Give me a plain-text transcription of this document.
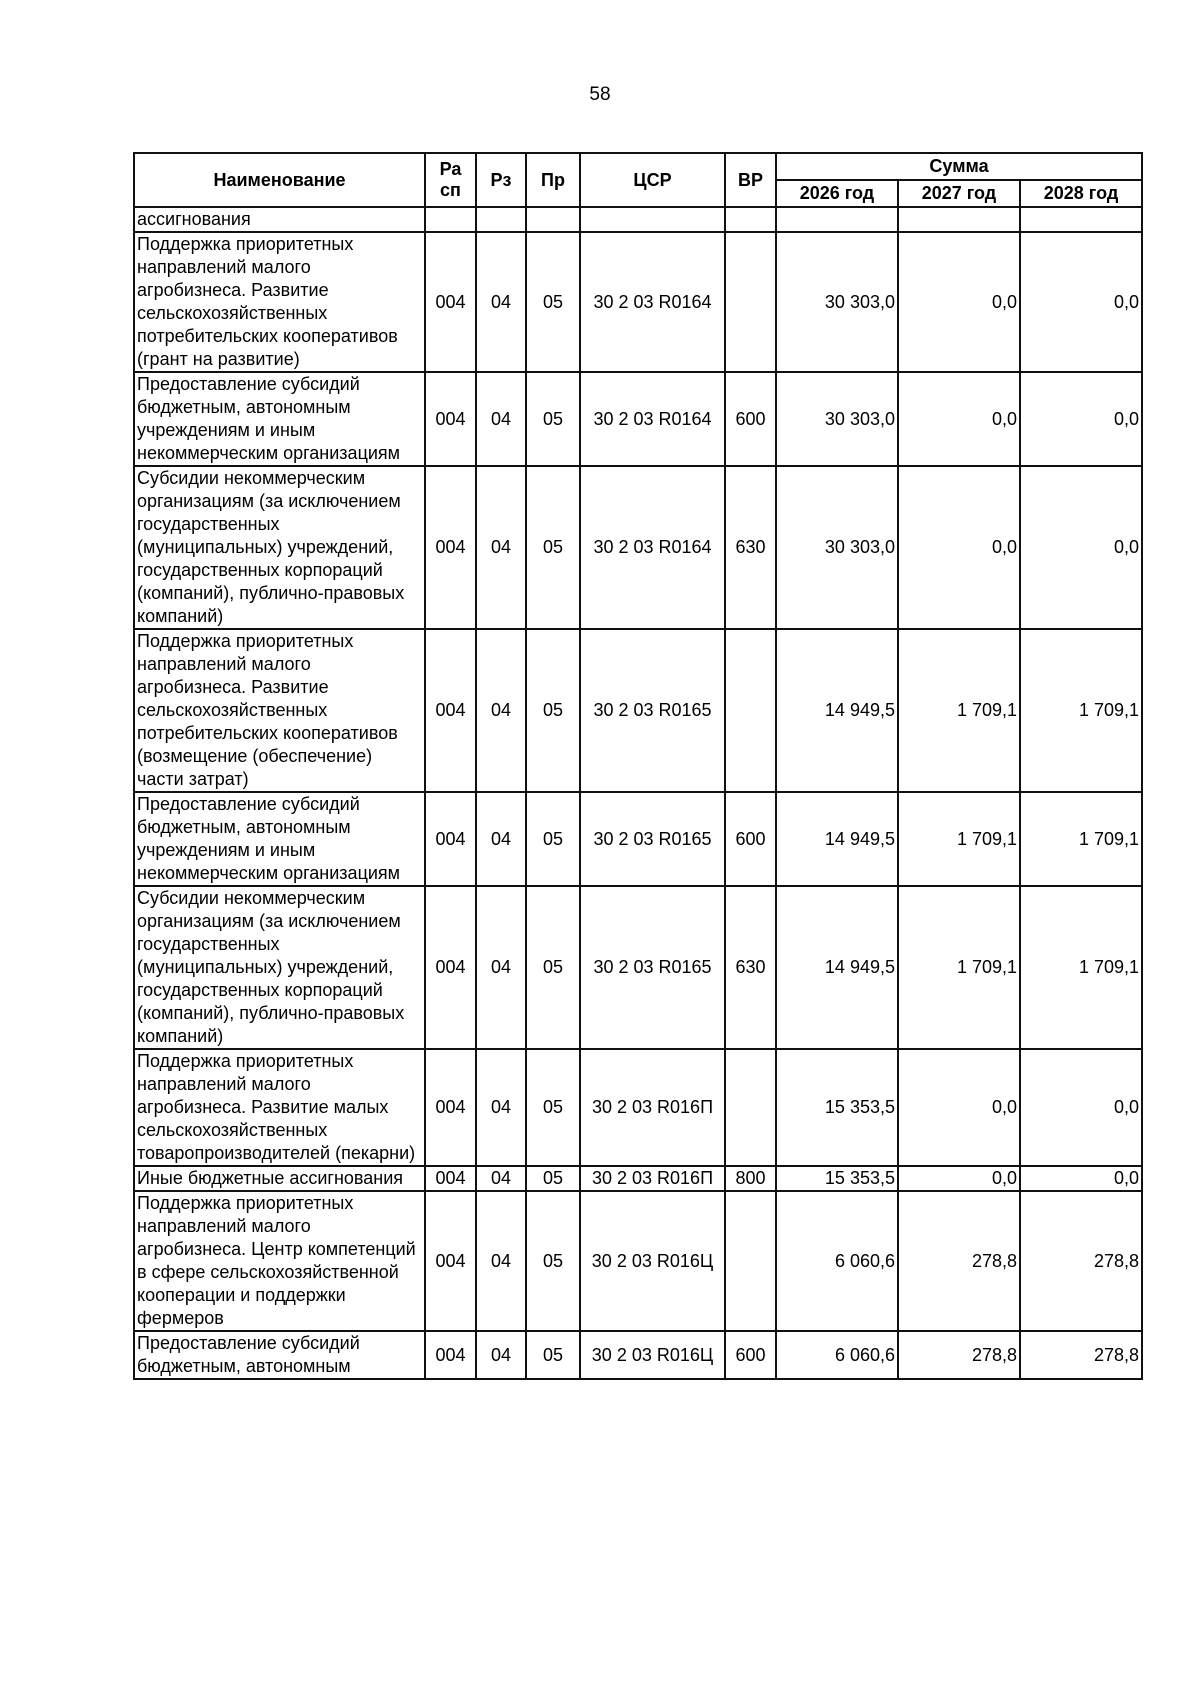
58
Наименование	Ра сп	Рз	Пр	ЦСР	ВР	Сумма		
						2026 год	2027 год	2028 год
ассигнования								
Поддержка приоритетных направлений малого агробизнеса. Развитие сельскохозяйственных потребительских кооперативов (грант на развитие)	004	04	05	30 2 03 R0164		30 303,0	0,0	0,0
Предоставление субсидий бюджетным, автономным учреждениям и иным некоммерческим организациям	004	04	05	30 2 03 R0164	600	30 303,0	0,0	0,0
Субсидии некоммерческим организациям (за исключением государственных (муниципальных) учреждений, государственных корпораций (компаний), публично-правовых компаний)	004	04	05	30 2 03 R0164	630	30 303,0	0,0	0,0
Поддержка приоритетных направлений малого агробизнеса. Развитие сельскохозяйственных потребительских кооперативов (возмещение (обеспечение) части затрат)	004	04	05	30 2 03 R0165		14 949,5	1 709,1	1 709,1
Предоставление субсидий бюджетным, автономным учреждениям и иным некоммерческим организациям	004	04	05	30 2 03 R0165	600	14 949,5	1 709,1	1 709,1
Субсидии некоммерческим организациям (за исключением государственных (муниципальных) учреждений, государственных корпораций (компаний), публично-правовых компаний)	004	04	05	30 2 03 R0165	630	14 949,5	1 709,1	1 709,1
Поддержка приоритетных направлений малого агробизнеса. Развитие малых сельскохозяйственных товаропроизводителей (пекарни)	004	04	05	30 2 03 R016П		15 353,5	0,0	0,0
Иные бюджетные ассигнования	004	04	05	30 2 03 R016П	800	15 353,5	0,0	0,0
Поддержка приоритетных направлений малого агробизнеса. Центр компетенций в сфере сельскохозяйственной кооперации и поддержки фермеров	004	04	05	30 2 03 R016Ц		6 060,6	278,8	278,8
Предоставление субсидий бюджетным, автономным	004	04	05	30 2 03 R016Ц	600	6 060,6	278,8	278,8
